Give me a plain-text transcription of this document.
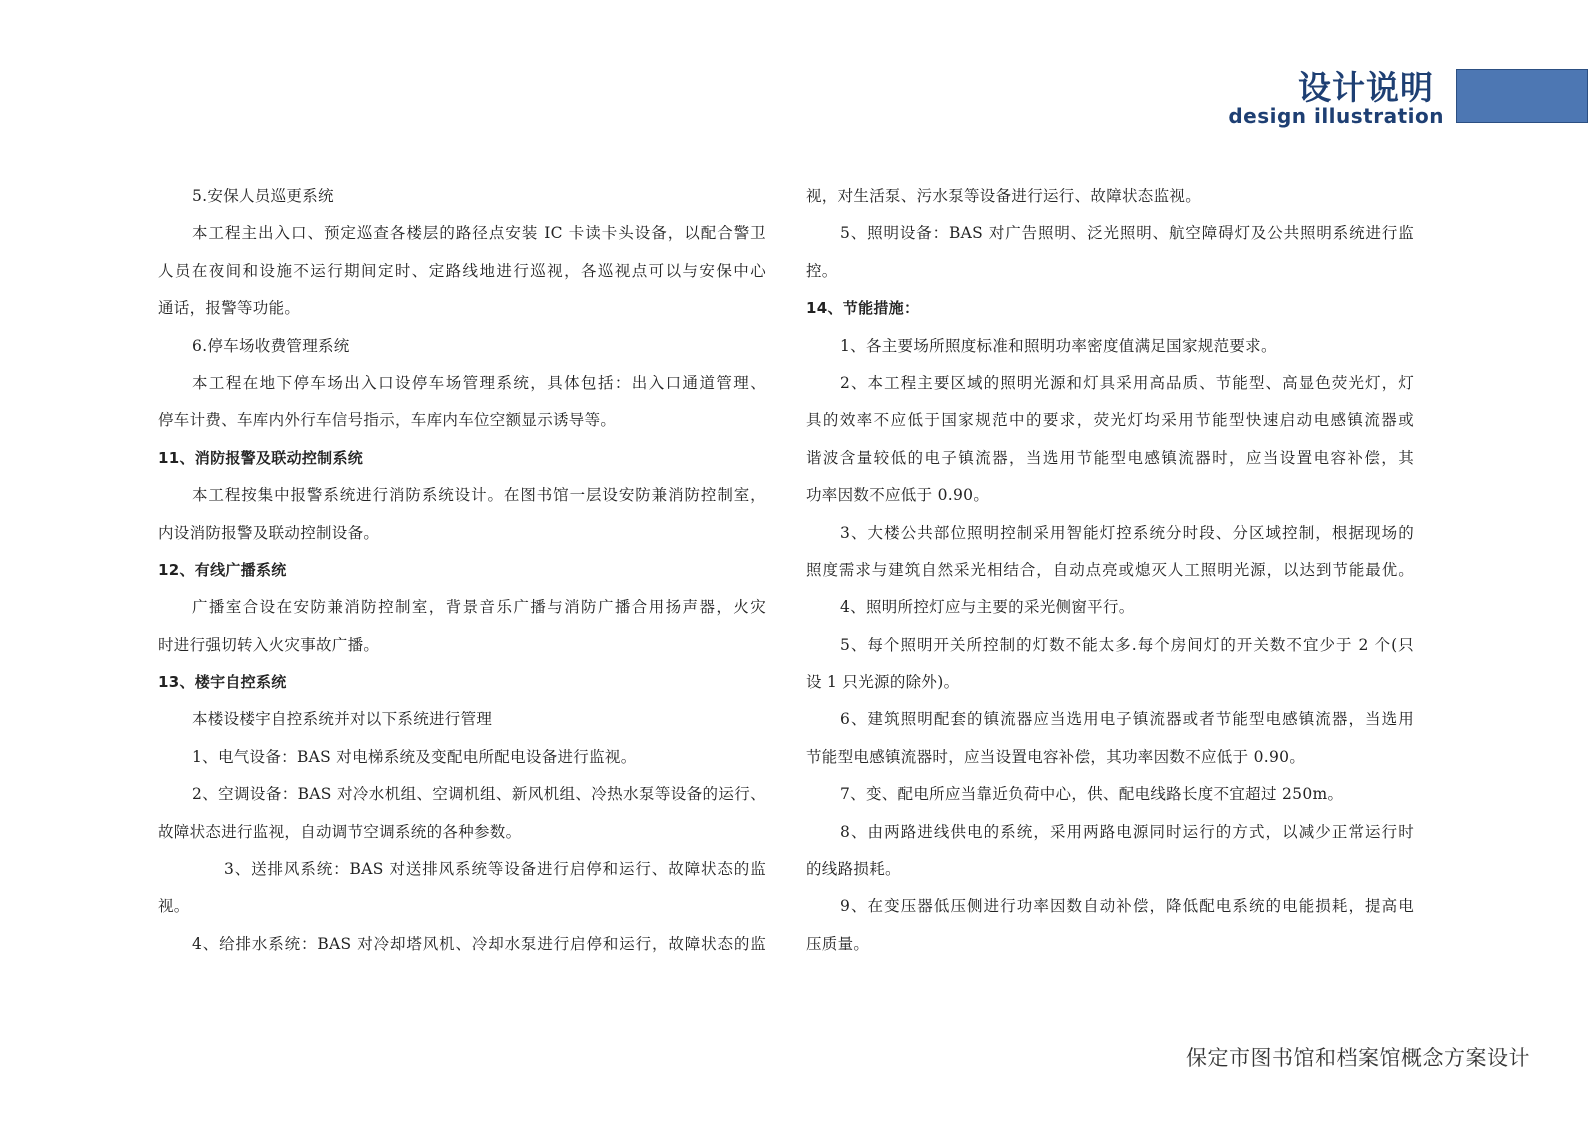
设计说明
design illustration
5.安保人员巡更系统
本工程主出入口、预定巡查各楼层的路径点安装 IC 卡读卡头设备，以配合警卫
人员在夜间和设施不运行期间定时、定路线地进行巡视，各巡视点可以与安保中心
通话，报警等功能。
6.停车场收费管理系统
本工程在地下停车场出入口设停车场管理系统，具体包括：出入口通道管理、
停车计费、车库内外行车信号指示，车库内车位空额显示诱导等。
11、消防报警及联动控制系统
本工程按集中报警系统进行消防系统设计。在图书馆一层设安防兼消防控制室，
内设消防报警及联动控制设备。
12、有线广播系统
广播室合设在安防兼消防控制室，背景音乐广播与消防广播合用扬声器，火灾
时进行强切转入火灾事故广播。
13、楼宇自控系统
本楼设楼宇自控系统并对以下系统进行管理
1、电气设备：BAS 对电梯系统及变配电所配电设备进行监视。
2、空调设备：BAS 对冷水机组、空调机组、新风机组、冷热水泵等设备的运行、
故障状态进行监视，自动调节空调系统的各种参数。
3、送排风系统：BAS 对送排风系统等设备进行启停和运行、故障状态的监
视。
4、给排水系统：BAS 对冷却塔风机、冷却水泵进行启停和运行，故障状态的监
视，对生活泵、污水泵等设备进行运行、故障状态监视。
5、照明设备：BAS 对广告照明、泛光照明、航空障碍灯及公共照明系统进行监
控。
14、节能措施：
1、各主要场所照度标准和照明功率密度值满足国家规范要求。
2、本工程主要区域的照明光源和灯具采用高品质、节能型、高显色荧光灯，灯
具的效率不应低于国家规范中的要求，荧光灯均采用节能型快速启动电感镇流器或
谐波含量较低的电子镇流器，当选用节能型电感镇流器时，应当设置电容补偿，其
功率因数不应低于 0.90。
3、大楼公共部位照明控制采用智能灯控系统分时段、分区域控制，根据现场的
照度需求与建筑自然采光相结合，自动点亮或熄灭人工照明光源，以达到节能最优。
4、照明所控灯应与主要的采光侧窗平行。
5、每个照明开关所控制的灯数不能太多.每个房间灯的开关数不宜少于 2 个(只
设 1 只光源的除外)。
6、建筑照明配套的镇流器应当选用电子镇流器或者节能型电感镇流器，当选用
节能型电感镇流器时，应当设置电容补偿，其功率因数不应低于 0.90。
7、变、配电所应当靠近负荷中心，供、配电线路长度不宜超过 250m。
8、由两路进线供电的系统，采用两路电源同时运行的方式，以减少正常运行时
的线路损耗。
9、在变压器低压侧进行功率因数自动补偿，降低配电系统的电能损耗，提高电
压质量。
保定市图书馆和档案馆概念方案设计
